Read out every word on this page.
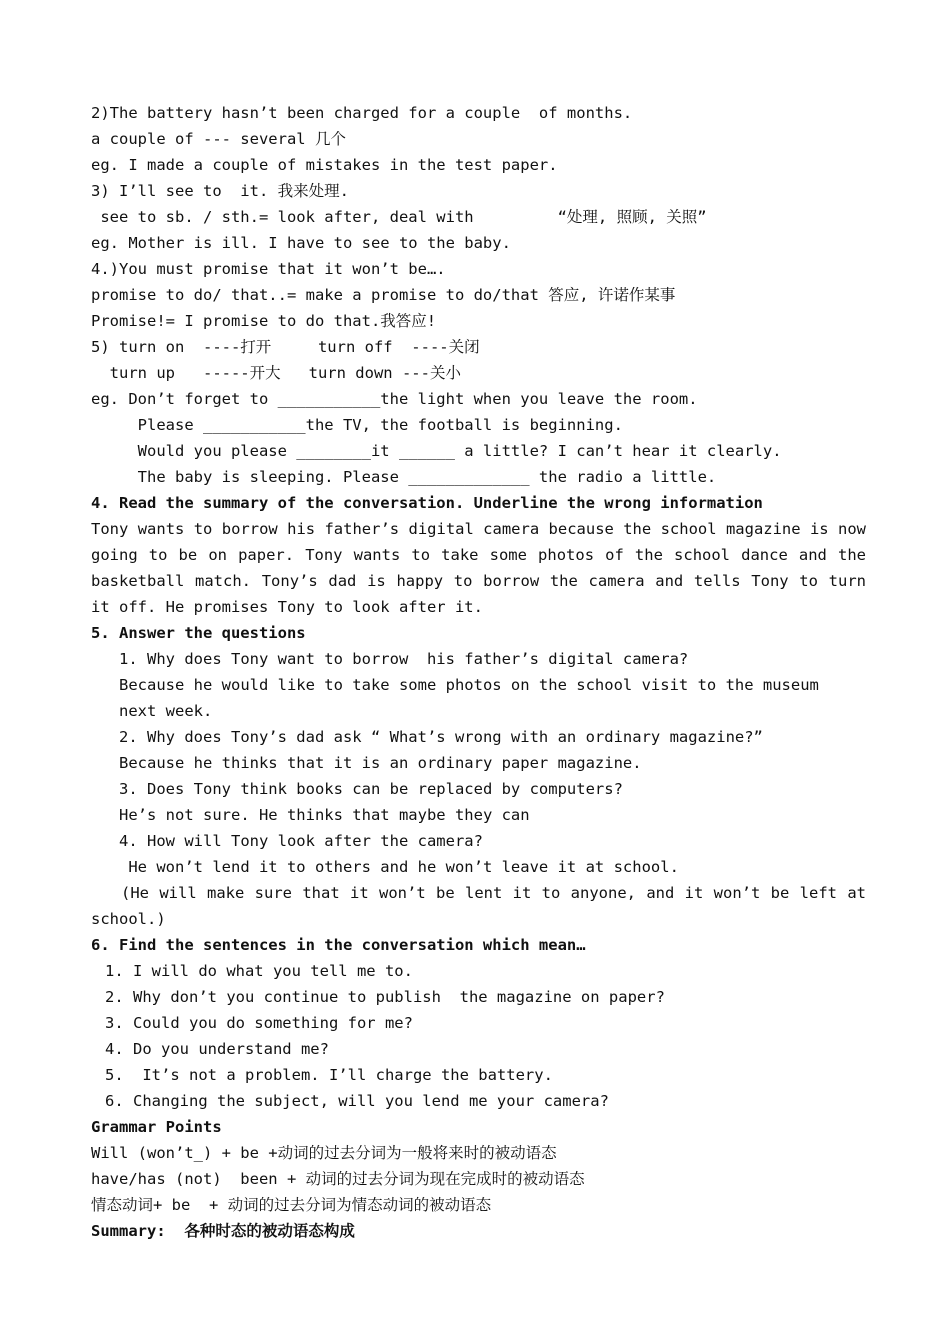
2)The battery hasn’t been charged for a couple  of months.
a couple of --- several 几个
eg. I made a couple of mistakes in the test paper.
3) I’ll see to  it. 我来处理.
see to sb. / sth.= look after, deal with         “处理, 照顾, 关照”
eg. Mother is ill. I have to see to the baby.
4.)You must promise that it won’t be….
promise to do/ that..= make a promise to do/that 答应, 许诺作某事
Promise!= I promise to do that.我答应!
5) turn on  ----打开     turn off  ----关闭
turn up   -----开大   turn down ---关小
eg. Don’t forget to ___________the light when you leave the room.
Please ___________the TV, the football is beginning.
Would you please ________it ______ a little? I can’t hear it clearly.
The baby is sleeping. Please _____________ the radio a little.
4. Read the summary of the conversation. Underline the wrong information
Tony wants to borrow his father’s digital camera because the school magazine is now going to be on paper. Tony wants to take some photos of the school dance and the basketball match. Tony’s dad is happy to borrow the camera and tells Tony to turn it off. He promises Tony to look after it.
5. Answer the questions
1. Why does Tony want to borrow  his father’s digital camera?
Because he would like to take some photos on the school visit to the museum
next week.
2. Why does Tony’s dad ask “ What’s wrong with an ordinary magazine?”
Because he thinks that it is an ordinary paper magazine.
3. Does Tony think books can be replaced by computers?
He’s not sure. He thinks that maybe they can
4. How will Tony look after the camera?
He won’t lend it to others and he won’t leave it at school.
(He will make sure that it won’t be lent it to anyone, and it won’t be left at school.)
6. Find the sentences in the conversation which mean…
1. I will do what you tell me to.
2. Why don’t you continue to publish  the magazine on paper?
3. Could you do something for me?
4. Do you understand me?
5.  It’s not a problem. I’ll charge the battery.
6. Changing the subject, will you lend me your camera?
Grammar Points
Will (won’t_) + be +动词的过去分词为一般将来时的被动语态
have/has (not)  been + 动词的过去分词为现在完成时的被动语态
情态动词+ be  + 动词的过去分词为情态动词的被动语态
Summary:  各种时态的被动语态构成
